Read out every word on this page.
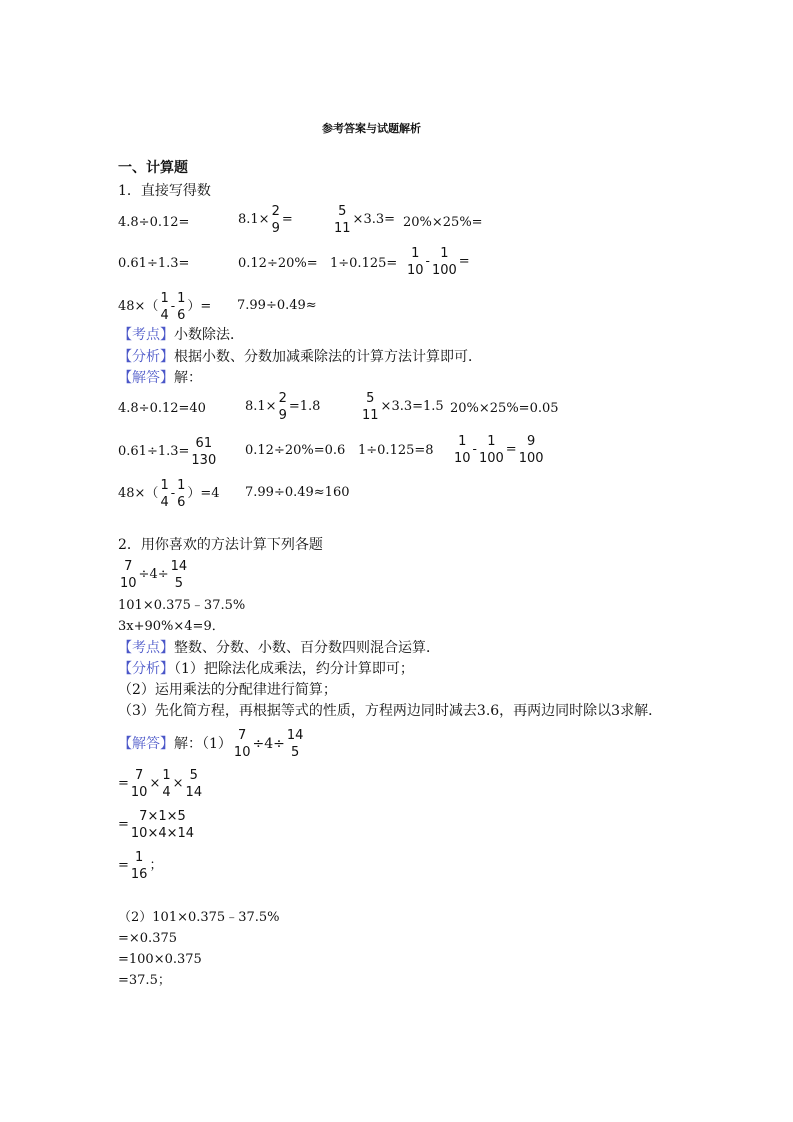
参考答案与试题解析
一、计算题
1．直接写得数
4.8÷0.12=	8.1×
2
9
=
5
11
×3.3= 20%×25%=
0.61÷1.3=	0.12÷20%= 1÷0.125=
1
10
-
1
100
=
48×（
1
4
-
1
6
）= 7.99÷0.49≈
【考点】小数除法．
【分析】根据小数、分数加减乘除法的计算方法计算即可．
【解答】解：
4.8÷0.12=40	8.1×
2
9
=1.8
5
11
×3.3=1.5 20%×25%=0.05
0.61÷1.3=
61
130
0.12÷20%=0.6 1÷0.125=8
1
10
-
1
100
=
9
100
48×（
1
4
-
1
6
）=4 7.99÷0.49≈160
2．用你喜欢的方法计算下列各题
7
10
÷4÷
14
5
101×0.375﹣37.5%
3x+90%×4=9．
【考点】整数、分数、小数、百分数四则混合运算．
【分析】（1）把除法化成乘法，约分计算即可；
（2）运用乘法的分配律进行简算；
（3）先化简方程，再根据等式的性质，方程两边同时减去3.6，再两边同时除以3求解．
【解答】 解：（1）
7
10
÷4÷
14
5
=
7
10
×
1
4
×
5
14
=
7×1×5
10×4×14
=
1
16
；
（2）101×0.375﹣37.5%
=×0.375
=100×0.375
=37.5；
